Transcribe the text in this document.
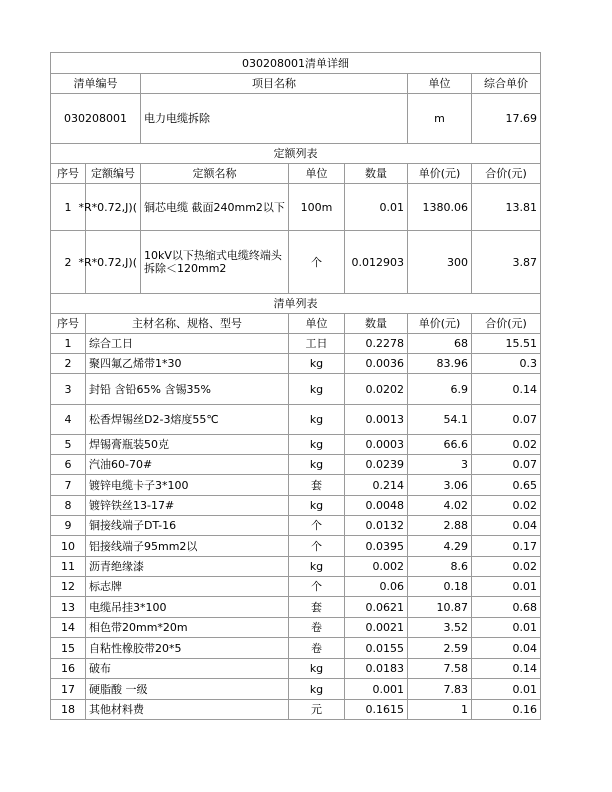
030208001清单详细						
清单编号		项目名称			单位	综合单价
030208001		电力电缆拆除			m	17.69
定额列表						
序号	定额编号	定额名称	单位	数量	单价(元)	合价(元)
1	)(R*0.72,J*	铜芯电缆 截面240mm2以下	100m	0.01	1380.06	13.81
2	)(R*0.72,J*	10kV以下热缩式电缆终端头拆除＜120mm2	个	0.012903	300	3.87
清单列表						
序号	主材名称、规格、型号		单位	数量	单价(元)	合价(元)
1	综合工日		工日	0.2278	68	15.51
2	聚四氟乙烯带1*30		kg	0.0036	83.96	0.3
3	封铅 含铅65% 含锡35%		kg	0.0202	6.9	0.14
4	松香焊锡丝D2-3熔度55℃		kg	0.0013	54.1	0.07
5	焊锡膏瓶装50克		kg	0.0003	66.6	0.02
6	汽油60-70#		kg	0.0239	3	0.07
7	镀锌电缆卡子3*100		套	0.214	3.06	0.65
8	镀锌铁丝13-17#		kg	0.0048	4.02	0.02
9	铜接线端子DT-16		个	0.0132	2.88	0.04
10	铝接线端子95mm2以		个	0.0395	4.29	0.17
11	沥青绝缘漆		kg	0.002	8.6	0.02
12	标志牌		个	0.06	0.18	0.01
13	电缆吊挂3*100		套	0.0621	10.87	0.68
14	相色带20mm*20m		卷	0.0021	3.52	0.01
15	自粘性橡胶带20*5		卷	0.0155	2.59	0.04
16	破布		kg	0.0183	7.58	0.14
17	硬脂酸 一级		kg	0.001	7.83	0.01
18	其他材料费		元	0.1615	1	0.16
